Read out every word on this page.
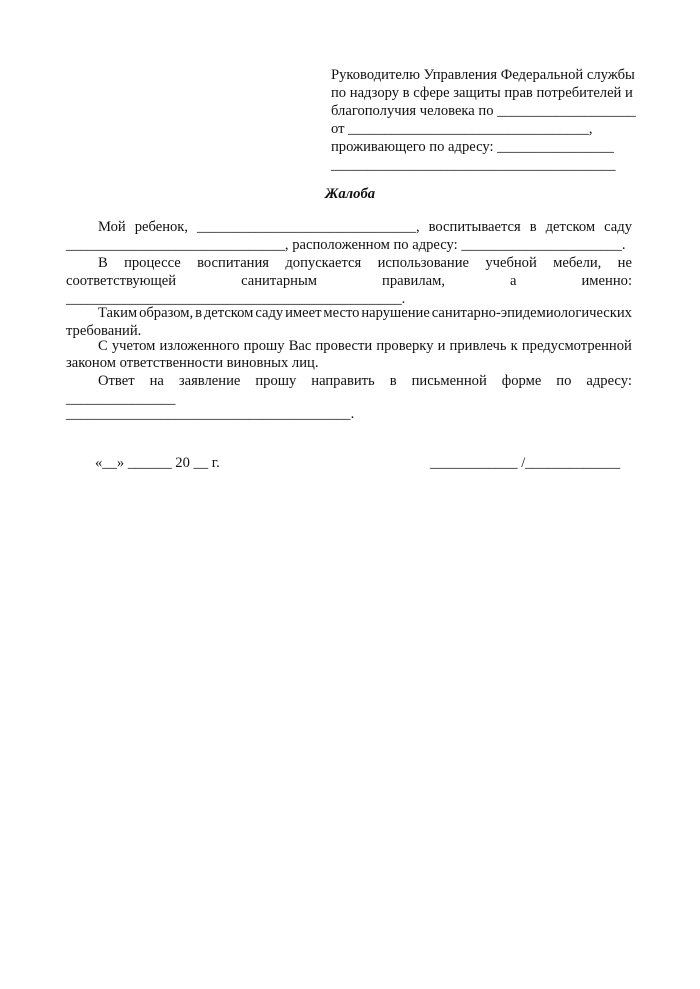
Руководителю Управления Федеральной службы
по надзору в сфере защиты прав потребителей и
благополучия человека по ___________________
от _________________________________,
проживающего по адресу: ________________
_______________________________________
Жалоба
Мой ребенок, ______________________________, воспитывается в детском саду
______________________________, расположенном по адресу: ______________________.
В процессе воспитания допускается использование учебной мебели, не
соответствующей	санитарным	правилам,	а	именно:
______________________________________________.
Таким образом, в детском саду имеет место нарушение санитарно-эпидемиологических
требований.
С учетом изложенного прошу Вас провести проверку и привлечь к предусмотренной
законом ответственности виновных лиц.
Ответ на заявление прошу направить в письменной форме по адресу:
_______________
_______________________________________.
«__» ______ 20 __ г.	____________ /_____________
